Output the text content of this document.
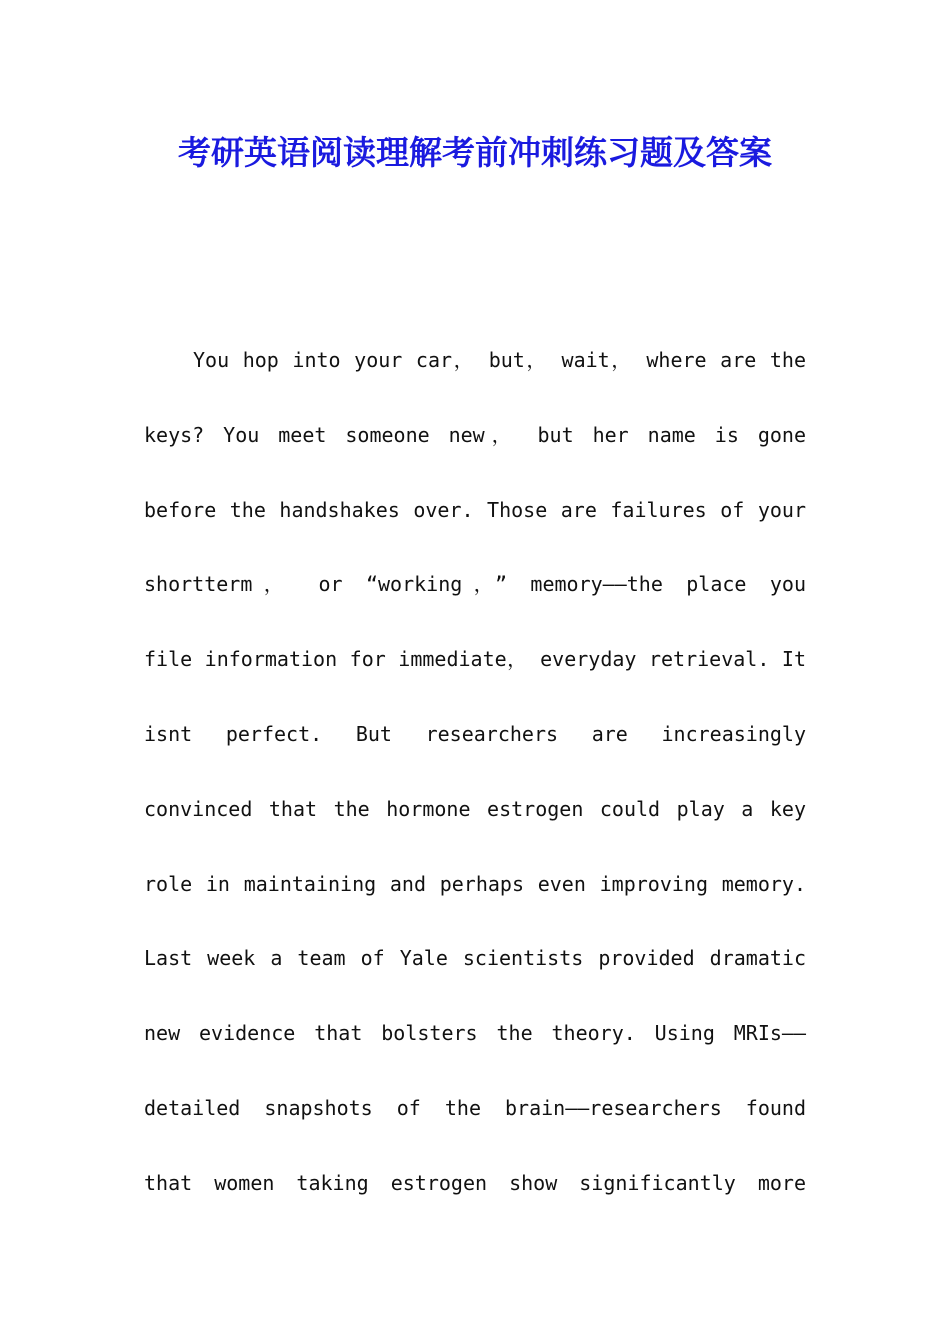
考研英语阅读理解考前冲刺练习题及答案
You hop into your car， but， wait， where are the
keys? You meet someone new， but her name is gone
before the handshakes over. Those are failures of your
shortterm， or “working，” memory——the place you
file information for immediate， everyday retrieval. It
isnt perfect. But researchers are increasingly
convinced that the hormone estrogen could play a key
role in maintaining and perhaps even improving memory.
Last week a team of Yale scientists provided dramatic
new evidence that bolsters the theory. Using MRIs——
detailed snapshots of the brain——researchers found
that women taking estrogen show significantly more
